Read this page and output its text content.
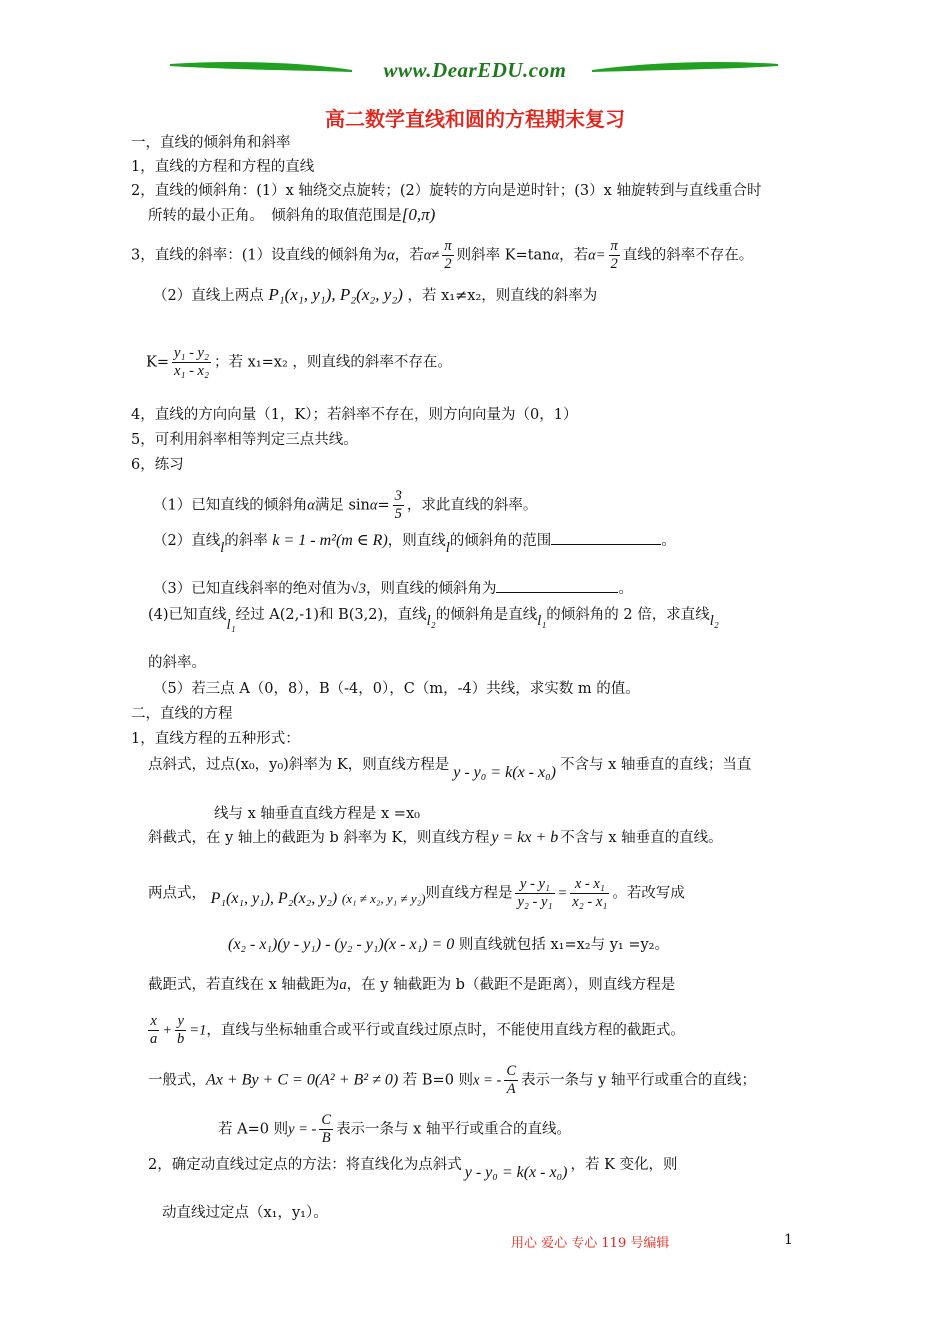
www.DearEDU.com
高二数学直线和圆的方程期末复习
一，直线的倾斜角和斜率
1，直线的方程和方程的直线
2，直线的倾斜角：(1）x 轴绕交点旋转；(2）旋转的方向是逆时针；(3）x 轴旋转到与直线重合时
所转的最小正角。　倾斜角的取值范围是[0,π)
3，直线的斜率：(1）设直线的倾斜角为α，若$\alpha\ne \frac{\pi}{2}$ 则斜率 K=tanα，若$\alpha= \frac{\pi}{2}$ 直线的斜率不存在。
（2）直线上两点 P₁(x₁, y₁), P₂(x₂, y₂) ，若 x₁≠x₂，则直线的斜率为
$K= \frac{\text{y₁ - y₂}}{\text{x₁ - x₂}}$ ；若 x₁=x₂ ，则直线的斜率不存在。
4，直线的方向向量（1，K）；若斜率不存在，则方向向量为（0，1）
5，可利用斜率相等判定三点共线。
6，练习
（1）已知直线的倾斜角α满足 $\sin\alpha= \frac{3}{5}$ ，求此直线的斜率。
（2）直线l的斜率 k = 1 - m²(m ∈ R)，则直线l的倾斜角的范围	。
（3）已知直线斜率的绝对值为√3，则直线的倾斜角为	。
(4)已知直线l₁经过 A(2,-1)和 B(3,2)，直线l₂的倾斜角是直线l₁的倾斜角的 2 倍，求直线l₂
的斜率。
（5）若三点 A（0，8），B（-4，0），C（m，-4）共线，求实数 m 的值。
二，直线的方程
1，直线方程的五种形式：
点斜式，过点(x₀，y₀)斜率为 K，则直线方程是 y - y₀ = k(x - x₀) 不含与 x 轴垂直的直线；当直
线与 x 轴垂直直线方程是 x =x₀
斜截式，在 y 轴上的截距为 b 斜率为 K，则直线方程 y = kx + b 不含与 x 轴垂直的直线。
两点式， P₁(x₁, y₁), P₂(x₂, y₂) (x₁ ≠ x₂, y₁ ≠ y₂)则直线方程是 $\frac{\text{y - y₁}}{\text{y₂ - y₁}} = \frac{\text{x - x₁}}{\text{x₂ - x₁}}$ 。若改写成
(x₂ - x₁)(y - y₁) - (y₂ - y₁)(x - x₁) = 0 则直线就包括 x₁=x₂与 y₁ =y₂。
截距式，若直线在 x 轴截距为a，在 y 轴截距为 b（截距不是距离），则直线方程是
$\frac{x}{a} + \frac{y}{b} =1$，直线与坐标轴重合或平行或直线过原点时，不能使用直线方程的截距式。
一般式，Ax + By + C = 0(A² + B² ≠ 0) 若 B=0 则x = - $\frac{C}{A}$ 表示一条与 y 轴平行或重合的直线；
若 A=0 则y = - $\frac{C}{B}$ 表示一条与 x 轴平行或重合的直线。
2，确定动直线过定点的方法：将直线化为点斜式 y - y₀ = k(x - x₀) ，若 K 变化，则
动直线过定点（x₁，y₁）。
用心 爱心 专心 119 号编辑	1
